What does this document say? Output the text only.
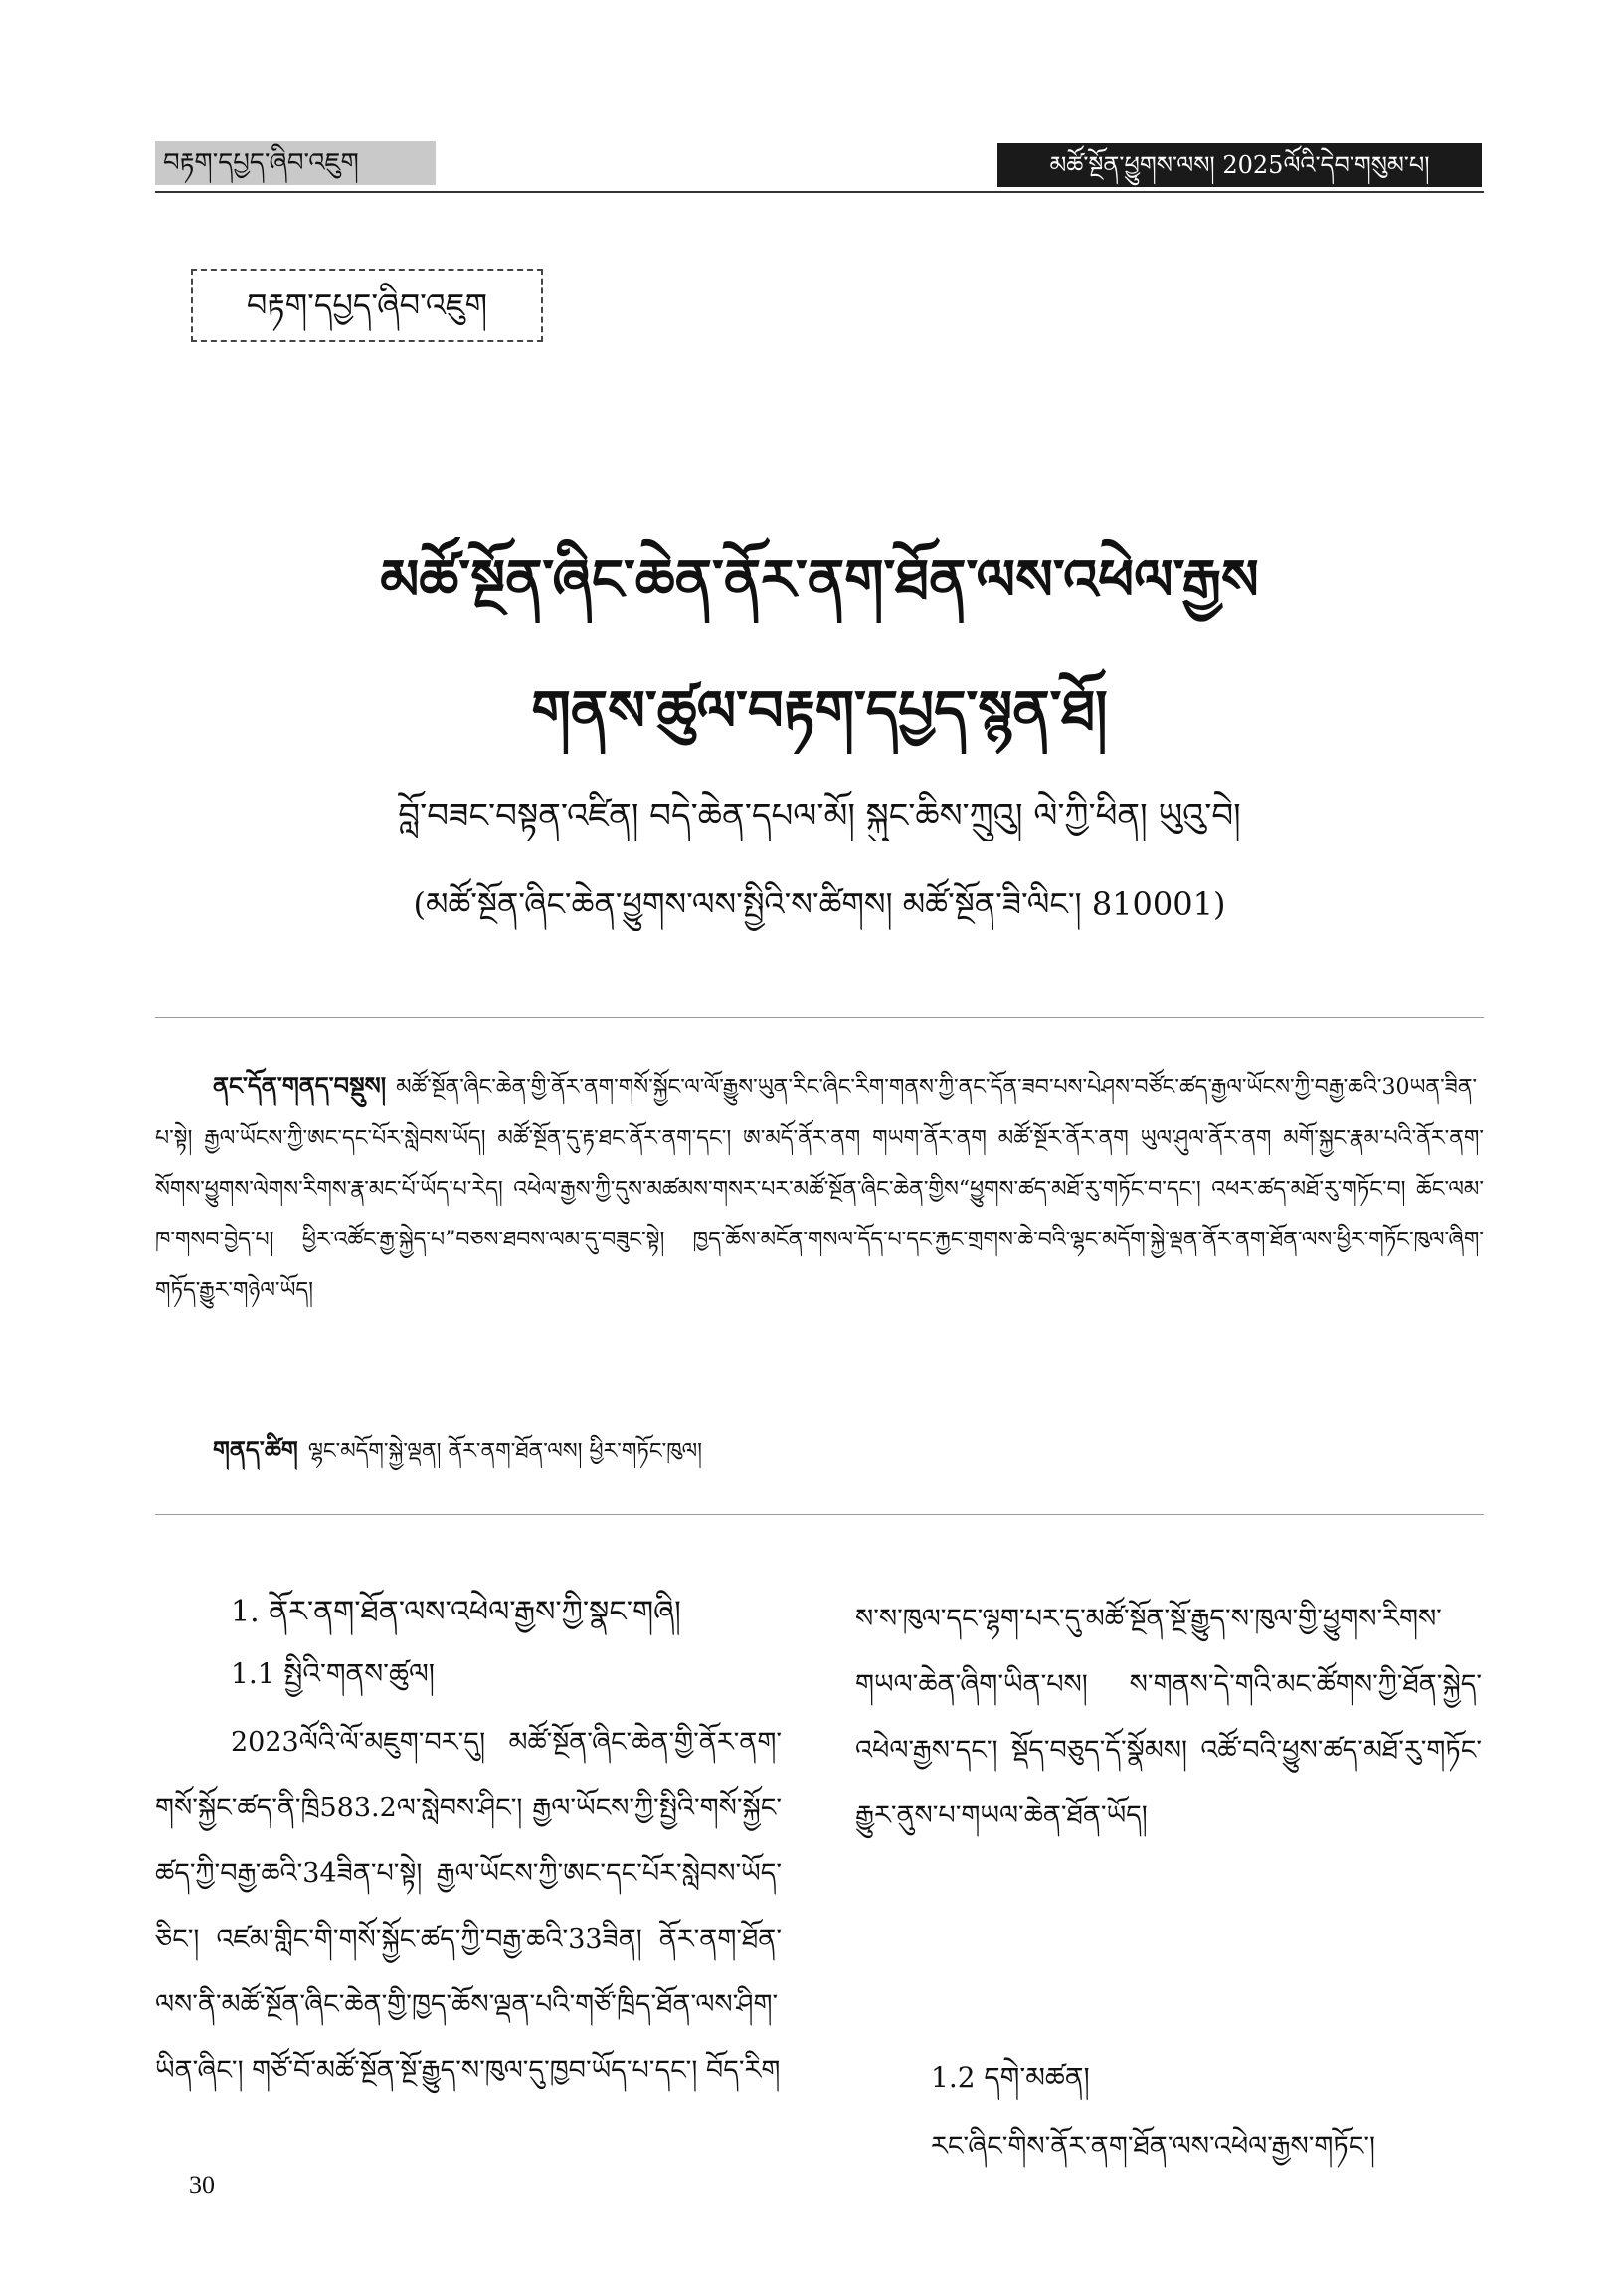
བརྟག་དཔྱད་ཞིབ་འཇུག	མཚོ་སྔོན་ཕྱུགས་ལས། 2025ལོའི་དེབ་གསུམ་པ།
བརྟག་དཔྱད་ཞིབ་འཇུག
མཚོ་སྔོན་ཞིང་ཆེན་ནོར་ནག་ཐོན་ལས་འཕེལ་རྒྱས
གནས་ཚུལ་བརྟག་དཔྱད་སྙན་ཐོ།
བློ་བཟང་བསྟན་འཛིན། བདེ་ཆེན་དཔལ་མོ། སྐུང་ཆིས་ཀྲུའུ། ལེ་ཀྱི་ཕིན། ཡུའུ་བེ།
(མཚོ་སྔོན་ཞིང་ཆེན་ཕྱུགས་ལས་སྤྱིའི་ས་ཚིགས། མཚོ་སྔོན་ཟི་ལིང་། 810001)

ནང་དོན་གནད་བསྡུས། མཚོ་སྔོན་ཞིང་ཆེན་གྱི་ནོར་ནག་གསོ་སྐྱོང་ལ་ལོ་རྒྱུས་ཡུན་རིང་ཞིང་རིག་གནས་ཀྱི་ནང་དོན་ཟབ་པས་པེཤས་བཙོང་ཚད་རྒྱལ་ཡོངས་ཀྱི་བརྒྱ་ཆའི་30ཡན་ཟིན་པ་སྟེ། རྒྱལ་ཡོངས་ཀྱི་ཨང་དང་པོར་སླེབས་ཡོད། མཚོ་སྔོན་དུ་རྟ་ཐང་ནོར་ནག་དང་། ཨ་མདོ་ནོར་ནག གཡག་ནོར་ནག མཚོ་སྔོར་ནོར་ནག ཡུལ་ཤུལ་ནོར་ནག མགོ་སྐྱང་རྣམ་པའི་ནོར་ནག་སོགས་ཕྱུགས་ལེགས་རིགས་རྣ་མང་པོ་ཡོད་པ་རེད། འཕེལ་རྒྱས་ཀྱི་དུས་མཚམས་གསར་པར་མཚོ་སྔོན་ཞིང་ཆེན་གྱིས“ཕྱུགས་ཚད་མཐོ་རུ་གཏོང་བ་དང་། འཕར་ཚད་མཐོ་རུ་གཏོང་བ། ཆོང་ལམ་ཁ་གསབ་བྱེད་པ། ཕྱིར་འཚོང་རྒྱ་སྐྱེད་པ”བཅས་ཐབས་ལམ་དུ་བཟུང་སྟེ། ཁྱད་ཆོས་མངོན་གསལ་དོད་པ་དང་རྐྱང་གྲགས་ཆེ་བའི་ལྷང་མདོག་སྐྱེ་ལྡན་ནོར་ནག་ཐོན་ལས་ཕྱིར་གཏོང་ཁུལ་ཞིག་གཏོད་རྒྱུར་གཉེལ་ཡོད།

གནད་ཚིག ལྷང་མདོག་སྐྱེ་ལྡན། ནོར་ནག་ཐོན་ལས། ཕྱིར་གཏོང་ཁུལ།

1. ནོར་ནག་ཐོན་ལས་འཕེལ་རྒྱས་ཀྱི་སྣང་གཞི།
1.1 སྤྱིའི་གནས་ཚུལ།

2023ལོའི་ལོ་མཇུག་བར་དུ། མཚོ་སྔོན་ཞིང་ཆེན་གྱི་ནོར་ནག་གསོ་སྐྱོང་ཚད་ནི་ཁྲི583.2ལ་སླེབས་ཤིང་། རྒྱལ་ཡོངས་ཀྱི་སྤྱིའི་གསོ་སྐྱོང་ཚད་ཀྱི་བརྒྱ་ཆའི་34ཟིན་པ་སྟེ། རྒྱལ་ཡོངས་ཀྱི་ཨང་དང་པོར་སླེབས་ཡོད་ཅིང་། འཛམ་གླིང་གི་གསོ་སྐྱོང་ཚད་ཀྱི་བརྒྱ་ཆའི་33ཟིན། ནོར་ནག་ཐོན་ལས་ནི་མཚོ་སྔོན་ཞིང་ཆེན་གྱི་ཁྱད་ཆོས་ལྡན་པའི་གཙོ་ཁྲིད་ཐོན་ལས་ཤིག་ཡིན་ཞིང་། གཙོ་བོ་མཚོ་སྔོན་སྔོ་རྒྱུད་ས་ཁུལ་དུ་ཁྱབ་ཡོད་པ་དང་། བོད་རིག

ས་ས་ཁུལ་དང་ལྷག་པར་དུ་མཚོ་སྔོན་སྔོ་རྒྱུད་ས་ཁུལ་གྱི་ཕྱུགས་རིགས་གཡལ་ཆེན་ཞིག་ཡིན་པས། ས་གནས་དེ་གའི་མང་ཚོགས་ཀྱི་ཐོན་སྐྱེད་འཕེལ་རྒྱས་དང་། སྡོད་བཅུད་དོ་སྣོམས། འཚོ་བའི་ཕྱུས་ཚད་མཐོ་རུ་གཏོང་རྒྱུར་ནུས་པ་གཡལ་ཆེན་ཐོན་ཡོད།

1.2 དགེ་མཚན།

རང་ཞིང་གིས་ནོར་ནག་ཐོན་ལས་འཕེལ་རྒྱས་གཏོང་།

30
